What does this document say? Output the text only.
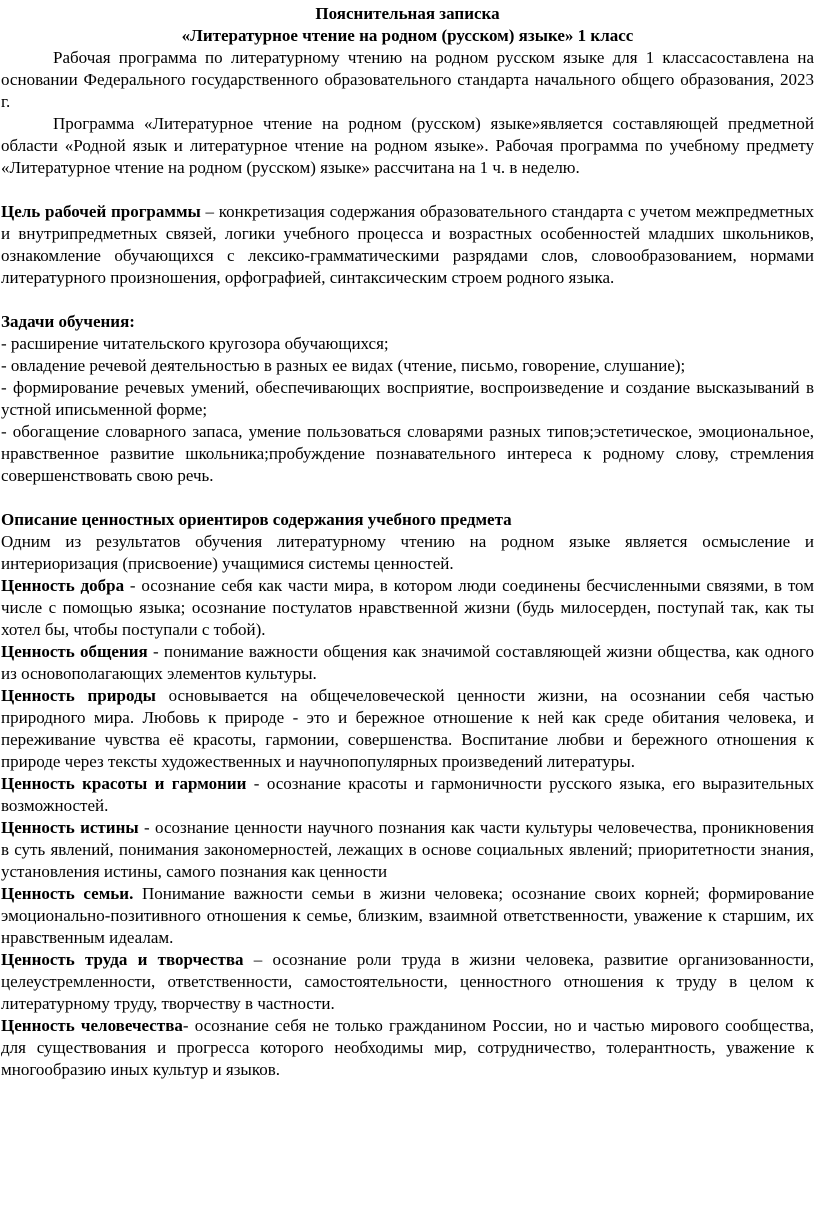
Пояснительная записка

«Литературное чтение на родном (русском) языке» 1 класс

Рабочая программа по литературному чтению на родном русском языке для 1 классасоставлена на основании Федерального государственного образовательного стандарта начального общего образования, 2023 г.

Программа «Литературное чтение на родном (русском) языке»является составляющей предметной области «Родной язык и литературное чтение на родном языке». Рабочая программа по учебному предмету «Литературное чтение на родном (русском) языке» рассчитана на 1 ч. в неделю.

Цель рабочей программы – конкретизация содержания образовательного стандарта с учетом межпредметных и внутрипредметных связей, логики учебного процесса и возрастных особенностей младших школьников, ознакомление обучающихся с лексико-грамматическими разрядами слов, словообразованием, нормами литературного произношения, орфографией, синтаксическим строем родного языка.

Задачи обучения:

- расширение читательского кругозора обучающихся;

- овладение речевой деятельностью в разных ее видах (чтение, письмо, говорение, слушание);

- формирование речевых умений, обеспечивающих восприятие, воспроизведение и создание высказываний в устной иписьменной форме;

- обогащение словарного запаса, умение пользоваться словарями разных типов;эстетическое, эмоциональное, нравственное развитие школьника;пробуждение познавательного интереса к родному слову, стремления совершенствовать свою речь.

Описание ценностных ориентиров содержания учебного предмета

Одним из результатов обучения литературному чтению на родном языке является осмысление и интериоризация (присвоение) учащимися системы ценностей.

Ценность добра - осознание себя как части мира, в котором люди соединены бесчисленными связями, в том числе с помощью языка; осознание постулатов нравственной жизни (будь милосерден, поступай так, как ты хотел бы, чтобы поступали с тобой).

Ценность общения - понимание важности общения как значимой составляющей жизни общества, как одного из основополагающих элементов культуры.

Ценность природы основывается на общечеловеческой ценности жизни, на осознании себя частью природного мира. Любовь к природе - это и бережное отношение к ней как среде обитания человека, и переживание чувства её красоты, гармонии, совершенства. Воспитание любви и бережного отношения к природе через тексты художественных и научнопопулярных произведений литературы.

Ценность красоты и гармонии - осознание красоты и гармоничности русского языка, его выразительных возможностей.

Ценность истины - осознание ценности научного познания как части культуры человечества, проникновения в суть явлений, понимания закономерностей, лежащих в основе социальных явлений; приоритетности знания, установления истины, самого познания как ценности

Ценность семьи. Понимание важности семьи в жизни человека; осознание своих корней; формирование эмоционально-позитивного отношения к семье, близким, взаимной ответственности, уважение к старшим, их нравственным идеалам.

Ценность труда и творчества – осознание роли труда в жизни человека, развитие организованности, целеустремленности, ответственности, самостоятельности, ценностного отношения к труду в целом к литературному труду, творчеству в частности.

Ценность человечества- осознание себя не только гражданином России, но и частью мирового сообщества, для существования и прогресса которого необходимы мир, сотрудничество, толерантность, уважение к многообразию иных культур и языков.
